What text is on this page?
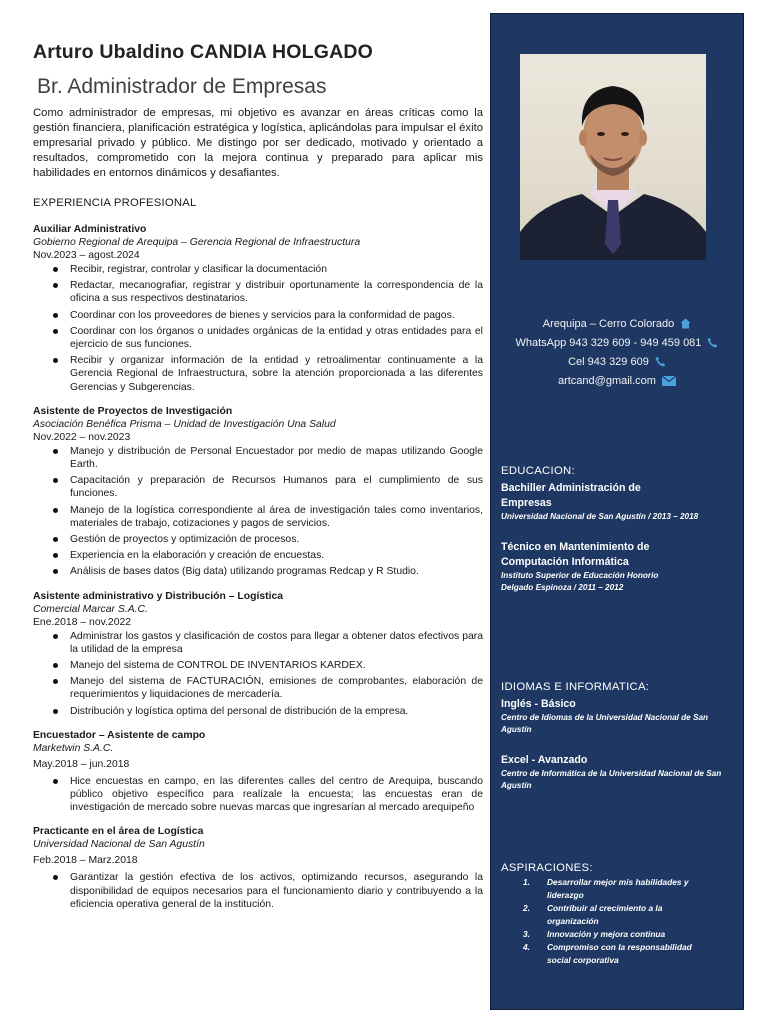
Arturo Ubaldino CANDIA HOLGADO
Br. Administrador de Empresas

Como administrador de empresas, mi objetivo es avanzar en áreas críticas como la gestión financiera, planificación estratégica y logística, aplicándolas para impulsar el éxito empresarial privado y público. Me distingo por ser dedicado, motivado y orientado a resultados, comprometido con la mejora continua y preparado para aplicar mis habilidades en entornos dinámicos y desafiantes.

EXPERIENCIA PROFESIONAL
Auxiliar Administrativo
Gobierno Regional de Arequipa – Gerencia Regional de Infraestructura
Nov.2023 – agost.2024
Recibir, registrar, controlar y clasificar la documentación
Redactar, mecanografiar, registrar y distribuir oportunamente la correspondencia de la oficina a sus respectivos destinatarios.
Coordinar con los proveedores de bienes y servicios para la conformidad de pagos.
Coordinar con los órganos o unidades orgánicas de la entidad y otras entidades para el ejercicio de sus funciones.
Recibir y organizar información de la entidad y retroalimentar continuamente a la Gerencia Regional de Infraestructura, sobre la atención proporcionada a las diferentes Gerencias y Subgerencias.
Asistente de Proyectos de Investigación
Asociación Benéfica Prisma – Unidad de Investigación Una Salud
Nov.2022 – nov.2023
Manejo y distribución de Personal Encuestador por medio de mapas utilizando Google Earth.
Capacitación y preparación de Recursos Humanos para el cumplimiento de sus funciones.
Manejo de la logística correspondiente al área de investigación tales como inventarios, materiales de trabajo, cotizaciones y pagos de servicios.
Gestión de proyectos y optimización de procesos.
Experiencia en la elaboración y creación de encuestas.
Análisis de bases datos (Big data) utilizando programas Redcap y R Studio.
Asistente administrativo y Distribución – Logística
Comercial Marcar S.A.C.
Ene.2018 – nov.2022
Administrar los gastos y clasificación de costos para llegar a obtener datos efectivos para la utilidad de la empresa
Manejo del sistema de CONTROL DE INVENTARIOS KARDEX.
Manejo del sistema de FACTURACIÓN, emisiones de comprobantes, elaboración de requerimientos y liquidaciones de mercadería.
Distribución y logística optima del personal de distribución de la empresa.
Encuestador – Asistente de campo
Marketwin S.A.C.
May.2018 – jun.2018
Hice encuestas en campo, en las diferentes calles del centro de Arequipa, buscando público objetivo específico para realízale la encuesta; las encuestas eran de investigación de mercado sobre nuevas marcas que ingresarían al mercado arequipeño
Practicante en el área de Logística
Universidad Nacional de San Agustín
Feb.2018 – Marz.2018
Garantizar la gestión efectiva de los activos, optimizando recursos, asegurando la disponibilidad de equipos necesarios para el funcionamiento diario y contribuyendo a la eficiencia operativa general de la institución.
Arequipa – Cerro Colorado
WhatsApp 943 329 609 - 949 459 081
Cel 943 329 609
artcand@gmail.com
EDUCACION:
Bachiller Administración de Empresas
Universidad Nacional de San Agustín / 2013 – 2018
Técnico en Mantenimiento de Computación Informática
Instituto Superior de Educación Honorio Delgado Espinoza / 2011 – 2012
IDIOMAS E INFORMATICA:
Inglés - Básico
Centro de Idiomas de la Universidad Nacional de San Agustín
Excel - Avanzado
Centro de Informática de la Universidad Nacional de San Agustín
ASPIRACIONES:
1. Desarrollar mejor mis habilidades y liderazgo
2. Contribuir al crecimiento a la organización
3. Innovación y mejora continua
4. Compromiso con la responsabilidad social corporativa
